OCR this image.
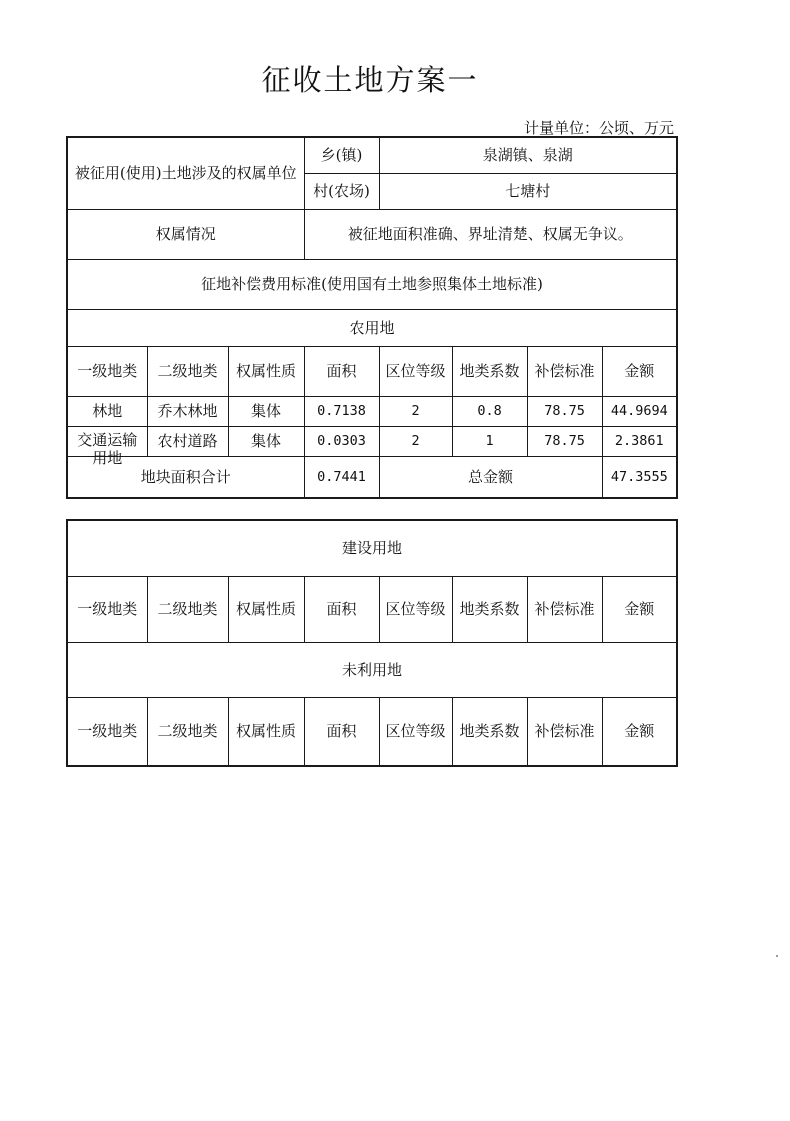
征收土地方案一
计量单位：公顷、万元
被征用(使用)土地涉及的权属单位			乡(镇)	泉湖镇、泉湖			
			村(农场)	七塘村			
权属情况			被征地面积准确、界址清楚、权属无争议。				
征地补偿费用标准(使用国有土地参照集体土地标准)							
农用地							
一级地类	二级地类	权属性质	面积	区位等级	地类系数	补偿标准	金额
林地	乔木林地	集体	0.7138	2	0.8	78.75	44.9694

交通运输用地	农村道路	集体	0.0303	2	1	78.75	2.3861
地块面积合计			0.7441	总金额			47.3555
建设用地							
一级地类	二级地类	权属性质	面积	区位等级	地类系数	补偿标准	金额
未利用地							
一级地类	二级地类	权属性质	面积	区位等级	地类系数	补偿标准	金额
